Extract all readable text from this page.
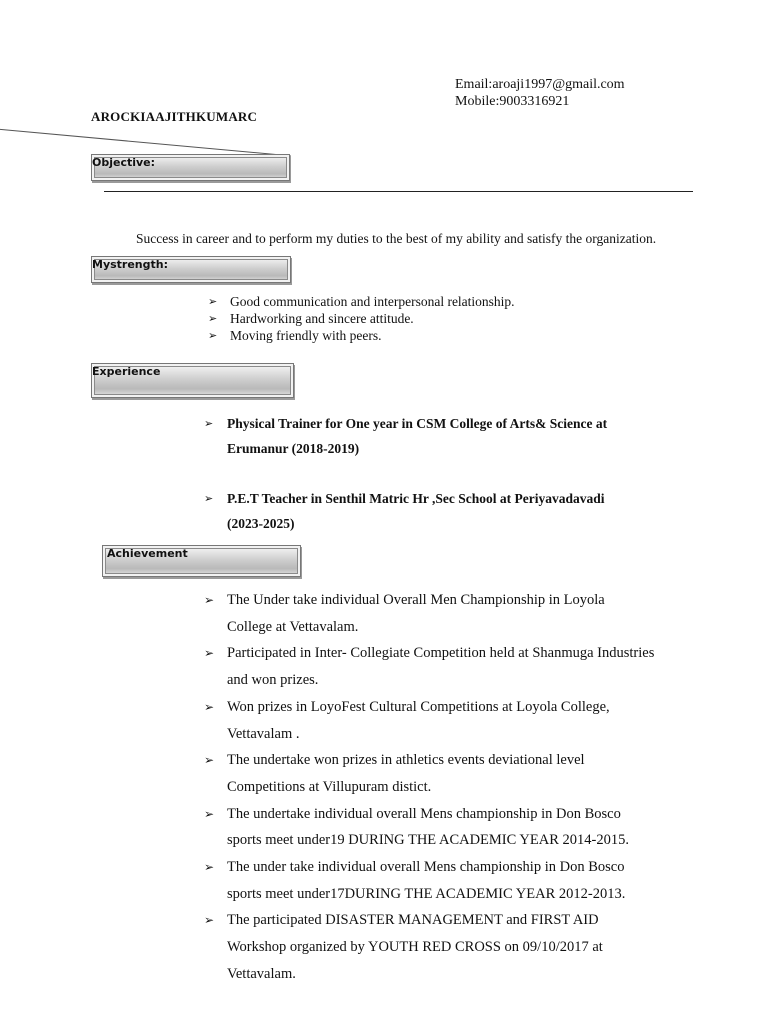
Email:aroaji1997@gmail.com
Mobile:9003316921
AROCKIAAJITHKUMARC
Objective:
Success in career and to perform my duties to the best of my ability and satisfy the organization.
Mystrength:
➢ Good communication and interpersonal relationship.
➢ Hardworking and sincere attitude.
➢ Moving friendly with peers.
Experience
➢ Physical Trainer for One year in CSM College of Arts& Science at
Erumanur (2018-2019)
➢ P.E.T Teacher in Senthil Matric Hr ,Sec School at Periyavadavadi
(2023-2025)
Achievement
➢ The Under take individual Overall Men Championship in Loyola
College at Vettavalam.
➢ Participated in Inter- Collegiate Competition held at Shanmuga Industries
and won prizes.
➢ Won prizes in LoyoFest Cultural Competitions at Loyola College,
Vettavalam .
➢ The undertake won prizes in athletics events deviational level
Competitions at Villupuram distict.
➢ The undertake individual overall Mens championship in Don Bosco
sports meet under19 DURING THE ACADEMIC YEAR 2014-2015.
➢ The under take individual overall Mens championship in Don Bosco
sports meet under17DURING THE ACADEMIC YEAR 2012-2013.
➢ The participated DISASTER MANAGEMENT and FIRST AID
Workshop organized by YOUTH RED CROSS on 09/10/2017 at
Vettavalam.
